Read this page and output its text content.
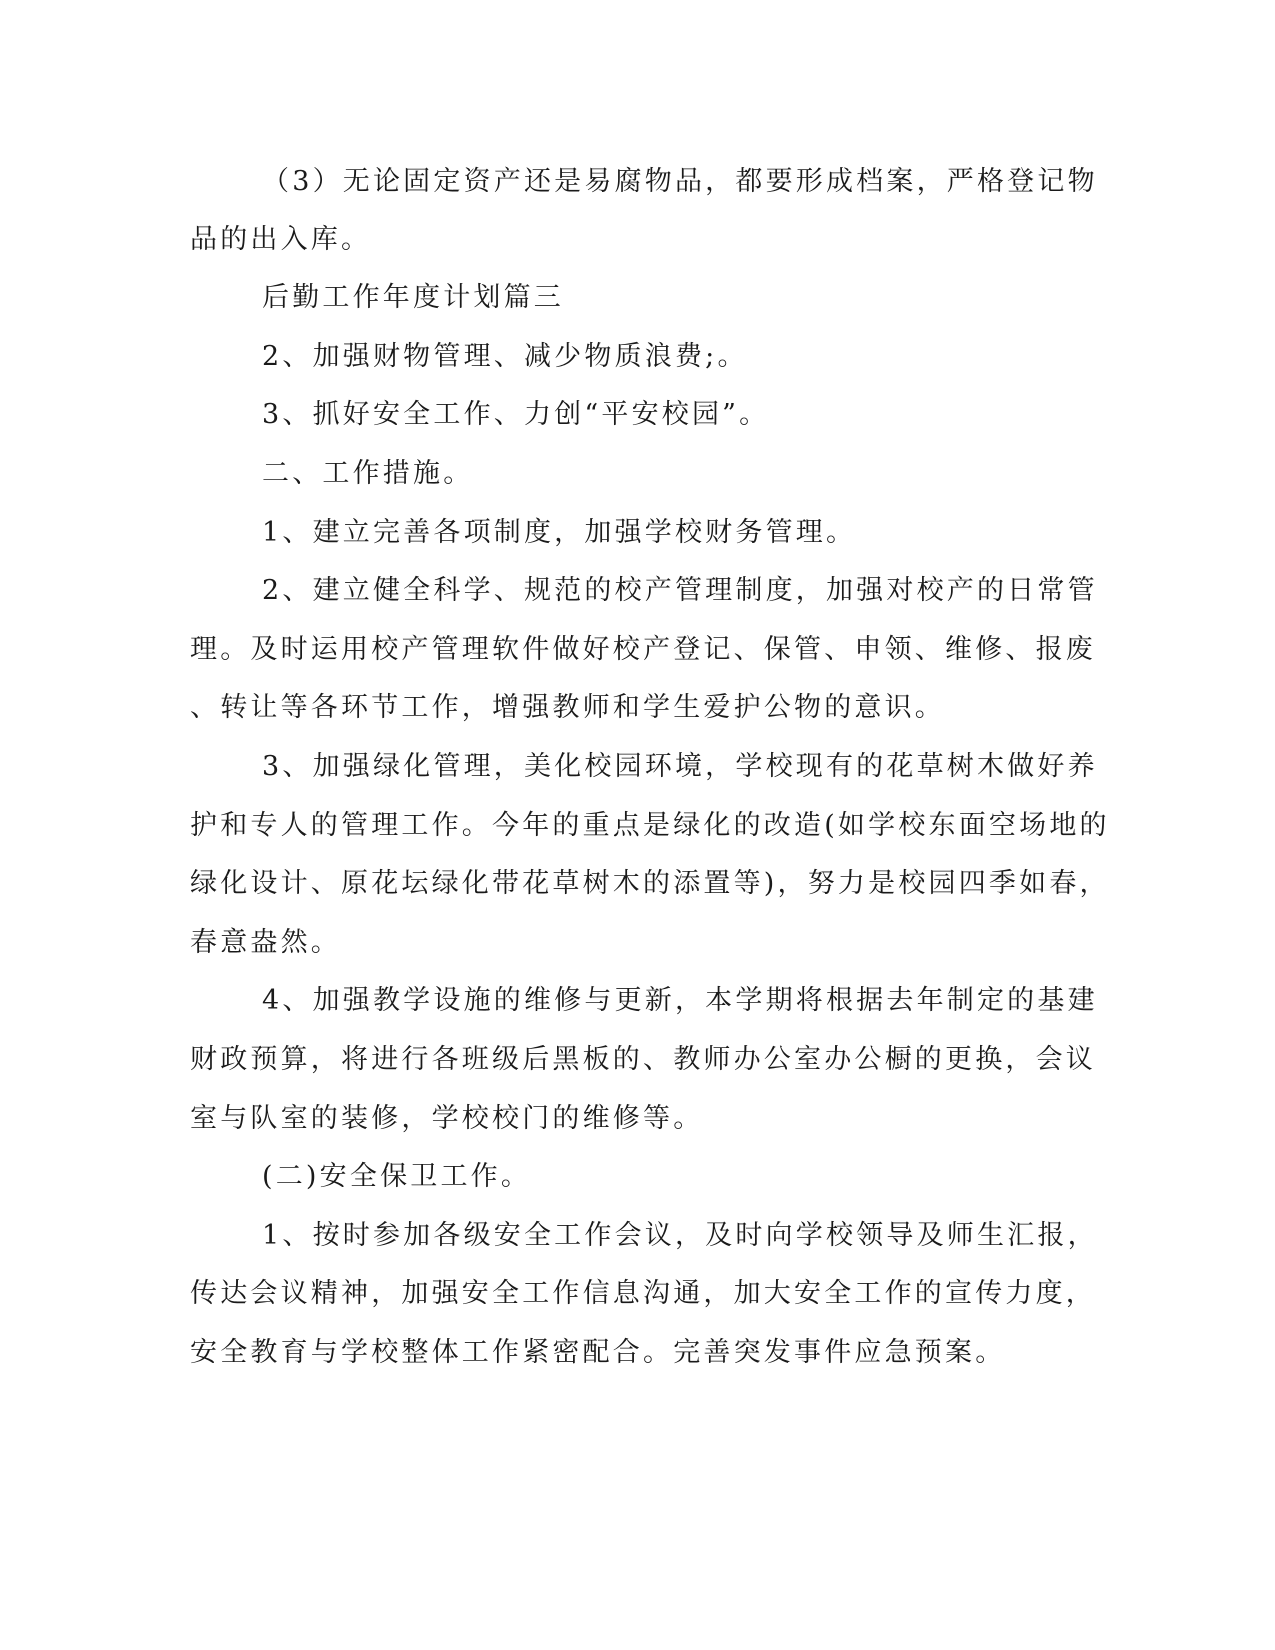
（3）无论固定资产还是易腐物品，都要形成档案，严格登记物

品的出入库。

后勤工作年度计划篇三

2、加强财物管理、减少物质浪费;。

3、抓好安全工作、力创“平安校园”。

二、工作措施。

1、建立完善各项制度，加强学校财务管理。

2、建立健全科学、规范的校产管理制度，加强对校产的日常管

理。及时运用校产管理软件做好校产登记、保管、申领、维修、报废

、转让等各环节工作，增强教师和学生爱护公物的意识。

3、加强绿化管理，美化校园环境，学校现有的花草树木做好养

护和专人的管理工作。今年的重点是绿化的改造(如学校东面空场地的

绿化设计、原花坛绿化带花草树木的添置等)，努力是校园四季如春，

春意盎然。

4、加强教学设施的维修与更新，本学期将根据去年制定的基建

财政预算，将进行各班级后黑板的、教师办公室办公橱的更换，会议

室与队室的装修，学校校门的维修等。

(二)安全保卫工作。

1、按时参加各级安全工作会议，及时向学校领导及师生汇报，

传达会议精神，加强安全工作信息沟通，加大安全工作的宣传力度，

安全教育与学校整体工作紧密配合。完善突发事件应急预案。
